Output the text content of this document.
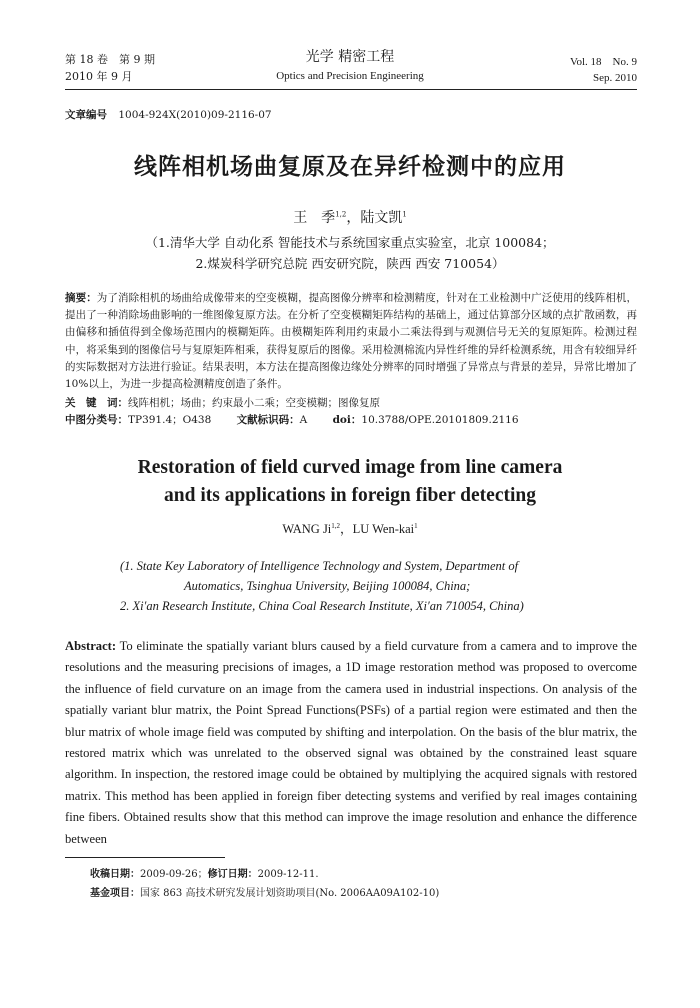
第 18 卷　第 9 期
2010 年 9 月
光学 精密工程
Optics and Precision Engineering
Vol. 18　No. 9
Sep. 2010
文章编号 1004-924X(2010)09-2116-07
线阵相机场曲复原及在异纤检测中的应用
王　季$^{1,2}$，陆文凯$^1$
（1.清华大学 自动化系 智能技术与系统国家重点实验室，北京 100084；
2.煤炭科学研究总院 西安研究院，陕西 西安 710054）
摘要：为了消除相机的场曲给成像带来的空变模糊，提高图像分辨率和检测精度，针对在工业检测中广泛使用的线阵相机，提出了一种消除场曲影响的一维图像复原方法。在分析了空变模糊矩阵结构的基础上，通过估算部分区域的点扩散函数，再由偏移和插值得到全像场范围内的模糊矩阵。由模糊矩阵利用约束最小二乘法得到与观测信号无关的复原矩阵。检测过程中，将采集到的图像信号与复原矩阵相乘，获得复原后的图像。采用检测棉流内异性纤维的异纤检测系统，用含有较细异纤的实际数据对方法进行验证。结果表明，本方法在提高图像边缘处分辨率的同时增强了异常点与背景的差异，异常比增加了 10%以上，为进一步提高检测精度创造了条件。
关　键　词：线阵相机；场曲；约束最小二乘；空变模糊；图像复原
中图分类号：TP391.4；O438 文献标识码：A doi：10.3788/OPE.20101809.2116
Restoration of field curved image from line camera
and its applications in foreign fiber detecting
WANG Ji$^{1,2}$，LU Wen-kai$^1$
(1. State Key Laboratory of Intelligence Technology and System, Department of
Automatics, Tsinghua University, Beijing 100084, China;
2. Xi′an Research Institute, China Coal Research Institute, Xi′an 710054, China)
Abstract: To eliminate the spatially variant blurs caused by a field curvature from a camera and to improve the resolutions and the measuring precisions of images, a 1D image restoration method was proposed to overcome the influence of field curvature on an image from the camera used in industrial inspections. On analysis of the spatially variant blur matrix, the Point Spread Functions(PSFs) of a partial region were estimated and then the blur matrix of whole image field was computed by shifting and interpolation. On the basis of the blur matrix, the restored matrix which was unrelated to the observed signal was obtained by the constrained least square algorithm. In inspection, the restored image could be obtained by multiplying the acquired signals with restored matrix. This method has been applied in foreign fiber detecting systems and verified by real images containing fine fibers. Obtained results show that this method can improve the image resolution and enhance the difference between
收稿日期：2009-09-26；修订日期：2009-12-11.
基金项目：国家 863 高技术研究发展计划资助项目(No. 2006AA09A102-10)
